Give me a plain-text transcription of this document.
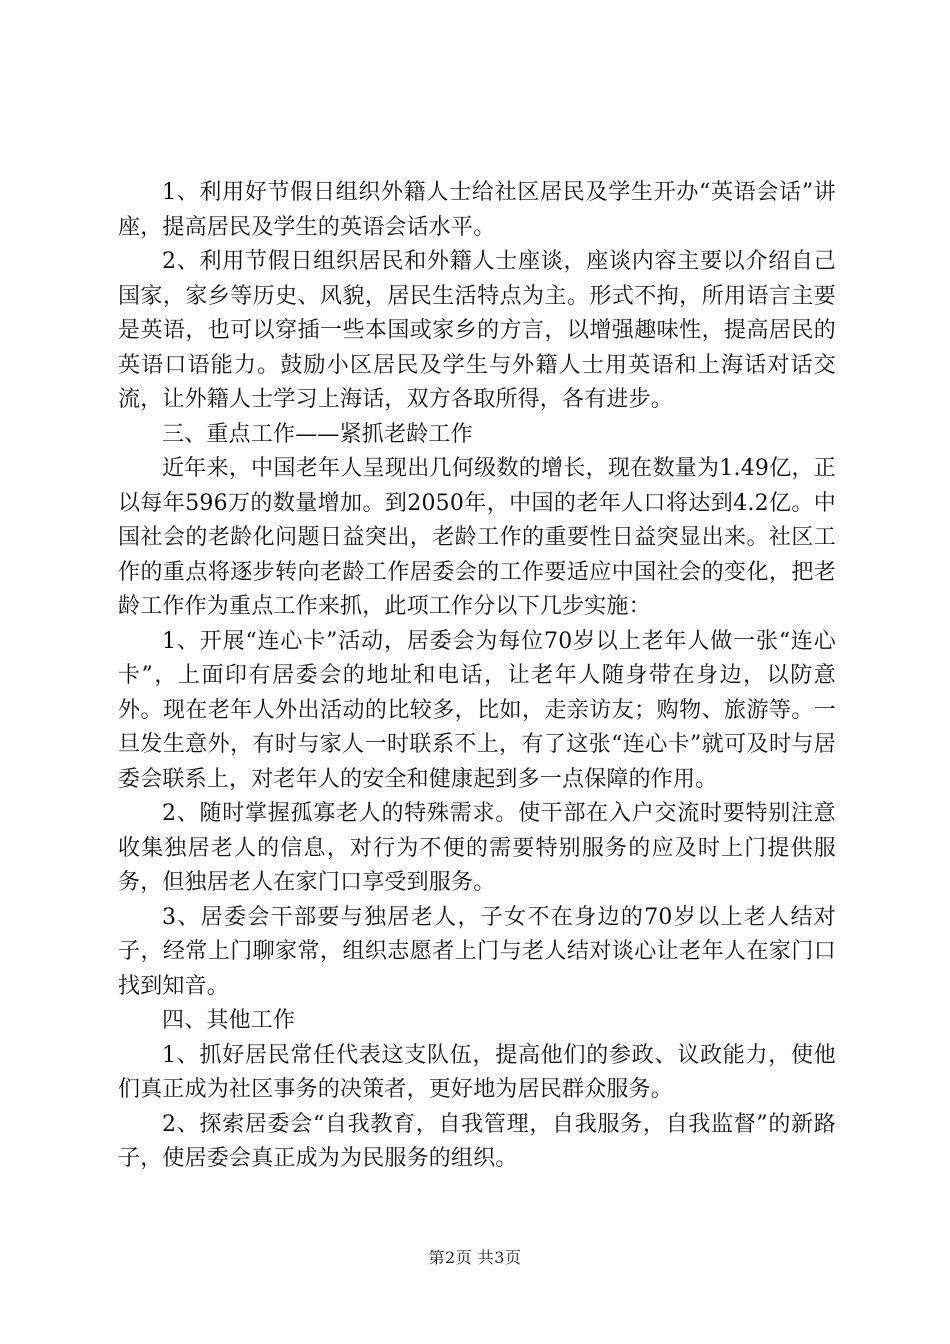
1、利用好节假日组织外籍人士给社区居民及学生开办“英语会话”讲座，提高居民及学生的英语会话水平。

2、利用节假日组织居民和外籍人士座谈，座谈内容主要以介绍自己国家，家乡等历史、风貌，居民生活特点为主。形式不拘，所用语言主要是英语，也可以穿插一些本国或家乡的方言，以增强趣味性，提高居民的英语口语能力。鼓励小区居民及学生与外籍人士用英语和上海话对话交流，让外籍人士学习上海话，双方各取所得，各有进步。

三、重点工作——紧抓老龄工作

近年来，中国老年人呈现出几何级数的增长，现在数量为1.49亿，正以每年596万的数量增加。到2050年，中国的老年人口将达到4.2亿。中国社会的老龄化问题日益突出，老龄工作的重要性日益突显出来。社区工作的重点将逐步转向老龄工作居委会的工作要适应中国社会的变化，把老龄工作作为重点工作来抓，此项工作分以下几步实施：

1、开展“连心卡”活动，居委会为每位70岁以上老年人做一张“连心卡”，上面印有居委会的地址和电话，让老年人随身带在身边，以防意外。现在老年人外出活动的比较多，比如，走亲访友；购物、旅游等。一旦发生意外，有时与家人一时联系不上，有了这张“连心卡”就可及时与居委会联系上，对老年人的安全和健康起到多一点保障的作用。

2、随时掌握孤寡老人的特殊需求。使干部在入户交流时要特别注意收集独居老人的信息，对行为不便的需要特别服务的应及时上门提供服务，但独居老人在家门口享受到服务。

3、居委会干部要与独居老人，子女不在身边的70岁以上老人结对子，经常上门聊家常，组织志愿者上门与老人结对谈心让老年人在家门口找到知音。

四、其他工作

1、抓好居民常任代表这支队伍，提高他们的参政、议政能力，使他们真正成为社区事务的决策者，更好地为居民群众服务。

2、探索居委会“自我教育，自我管理，自我服务，自我监督”的新路子，使居委会真正成为为民服务的组织。

第2页 共3页
